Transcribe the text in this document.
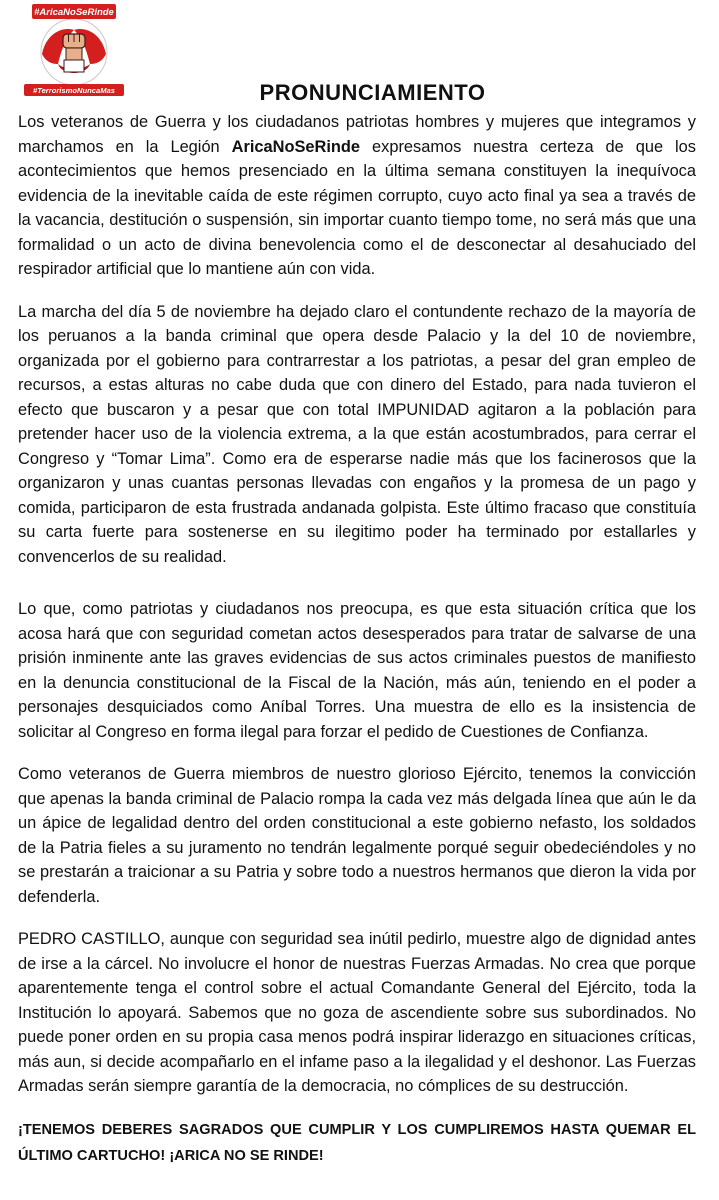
#AricaNoSeRinde
#TerrorismoNuncaMas	PRONUNCIAMIENTO

Los veteranos de Guerra y los ciudadanos patriotas hombres y mujeres que integramos y marchamos en la Legión AricaNoSeRinde expresamos nuestra certeza de que los acontecimientos que hemos presenciado en la última semana constituyen la inequívoca evidencia de la inevitable caída de este régimen corrupto, cuyo acto final ya sea a través de la vacancia, destitución o suspensión, sin importar cuanto tiempo tome, no será más que una formalidad o un acto de divina benevolencia como el de desconectar al desahuciado del respirador artificial que lo mantiene aún con vida.

La marcha del día 5 de noviembre ha dejado claro el contundente rechazo de la mayoría de los peruanos a la banda criminal que opera desde Palacio y la del 10 de noviembre, organizada por el gobierno para contrarrestar a los patriotas, a pesar del gran empleo de recursos, a estas alturas no cabe duda que con dinero del Estado, para nada tuvieron el efecto que buscaron y a pesar que con total IMPUNIDAD agitaron a la población para pretender hacer uso de la violencia extrema, a la que están acostumbrados, para cerrar el Congreso y “Tomar Lima”. Como era de esperarse nadie más que los facinerosos que la organizaron y unas cuantas personas llevadas con engaños y la promesa de un pago y comida, participaron de esta frustrada andanada golpista. Este último fracaso que constituía su carta fuerte para sostenerse en su ilegitimo poder ha terminado por estallarles y convencerlos de su realidad.

Lo que, como patriotas y ciudadanos nos preocupa, es que esta situación crítica que los acosa hará que con seguridad cometan actos desesperados para tratar de salvarse de una prisión inminente ante las graves evidencias de sus actos criminales puestos de manifiesto en la denuncia constitucional de la Fiscal de la Nación, más aún, teniendo en el poder a personajes desquiciados como Aníbal Torres. Una muestra de ello es la insistencia de solicitar al Congreso en forma ilegal para forzar el pedido de Cuestiones de Confianza.

Como veteranos de Guerra miembros de nuestro glorioso Ejército, tenemos la convicción que apenas la banda criminal de Palacio rompa la cada vez más delgada línea que aún le da un ápice de legalidad dentro del orden constitucional a este gobierno nefasto, los soldados de la Patria fieles a su juramento no tendrán legalmente porqué seguir obedeciéndoles y no se prestarán a traicionar a su Patria y sobre todo a nuestros hermanos que dieron la vida por defenderla.

PEDRO CASTILLO, aunque con seguridad sea inútil pedirlo, muestre algo de dignidad antes de irse a la cárcel. No involucre el honor de nuestras Fuerzas Armadas. No crea que porque aparentemente tenga el control sobre el actual Comandante General del Ejército, toda la Institución lo apoyará. Sabemos que no goza de ascendiente sobre sus subordinados. No puede poner orden en su propia casa menos podrá inspirar liderazgo en situaciones críticas, más aun, si decide acompañarlo en el infame paso a la ilegalidad y el deshonor. Las Fuerzas Armadas serán siempre garantía de la democracia, no cómplices de su destrucción.

¡TENEMOS DEBERES SAGRADOS QUE CUMPLIR Y LOS CUMPLIREMOS HASTA QUEMAR EL ÚLTIMO CARTUCHO! ¡ARICA NO SE RINDE!
